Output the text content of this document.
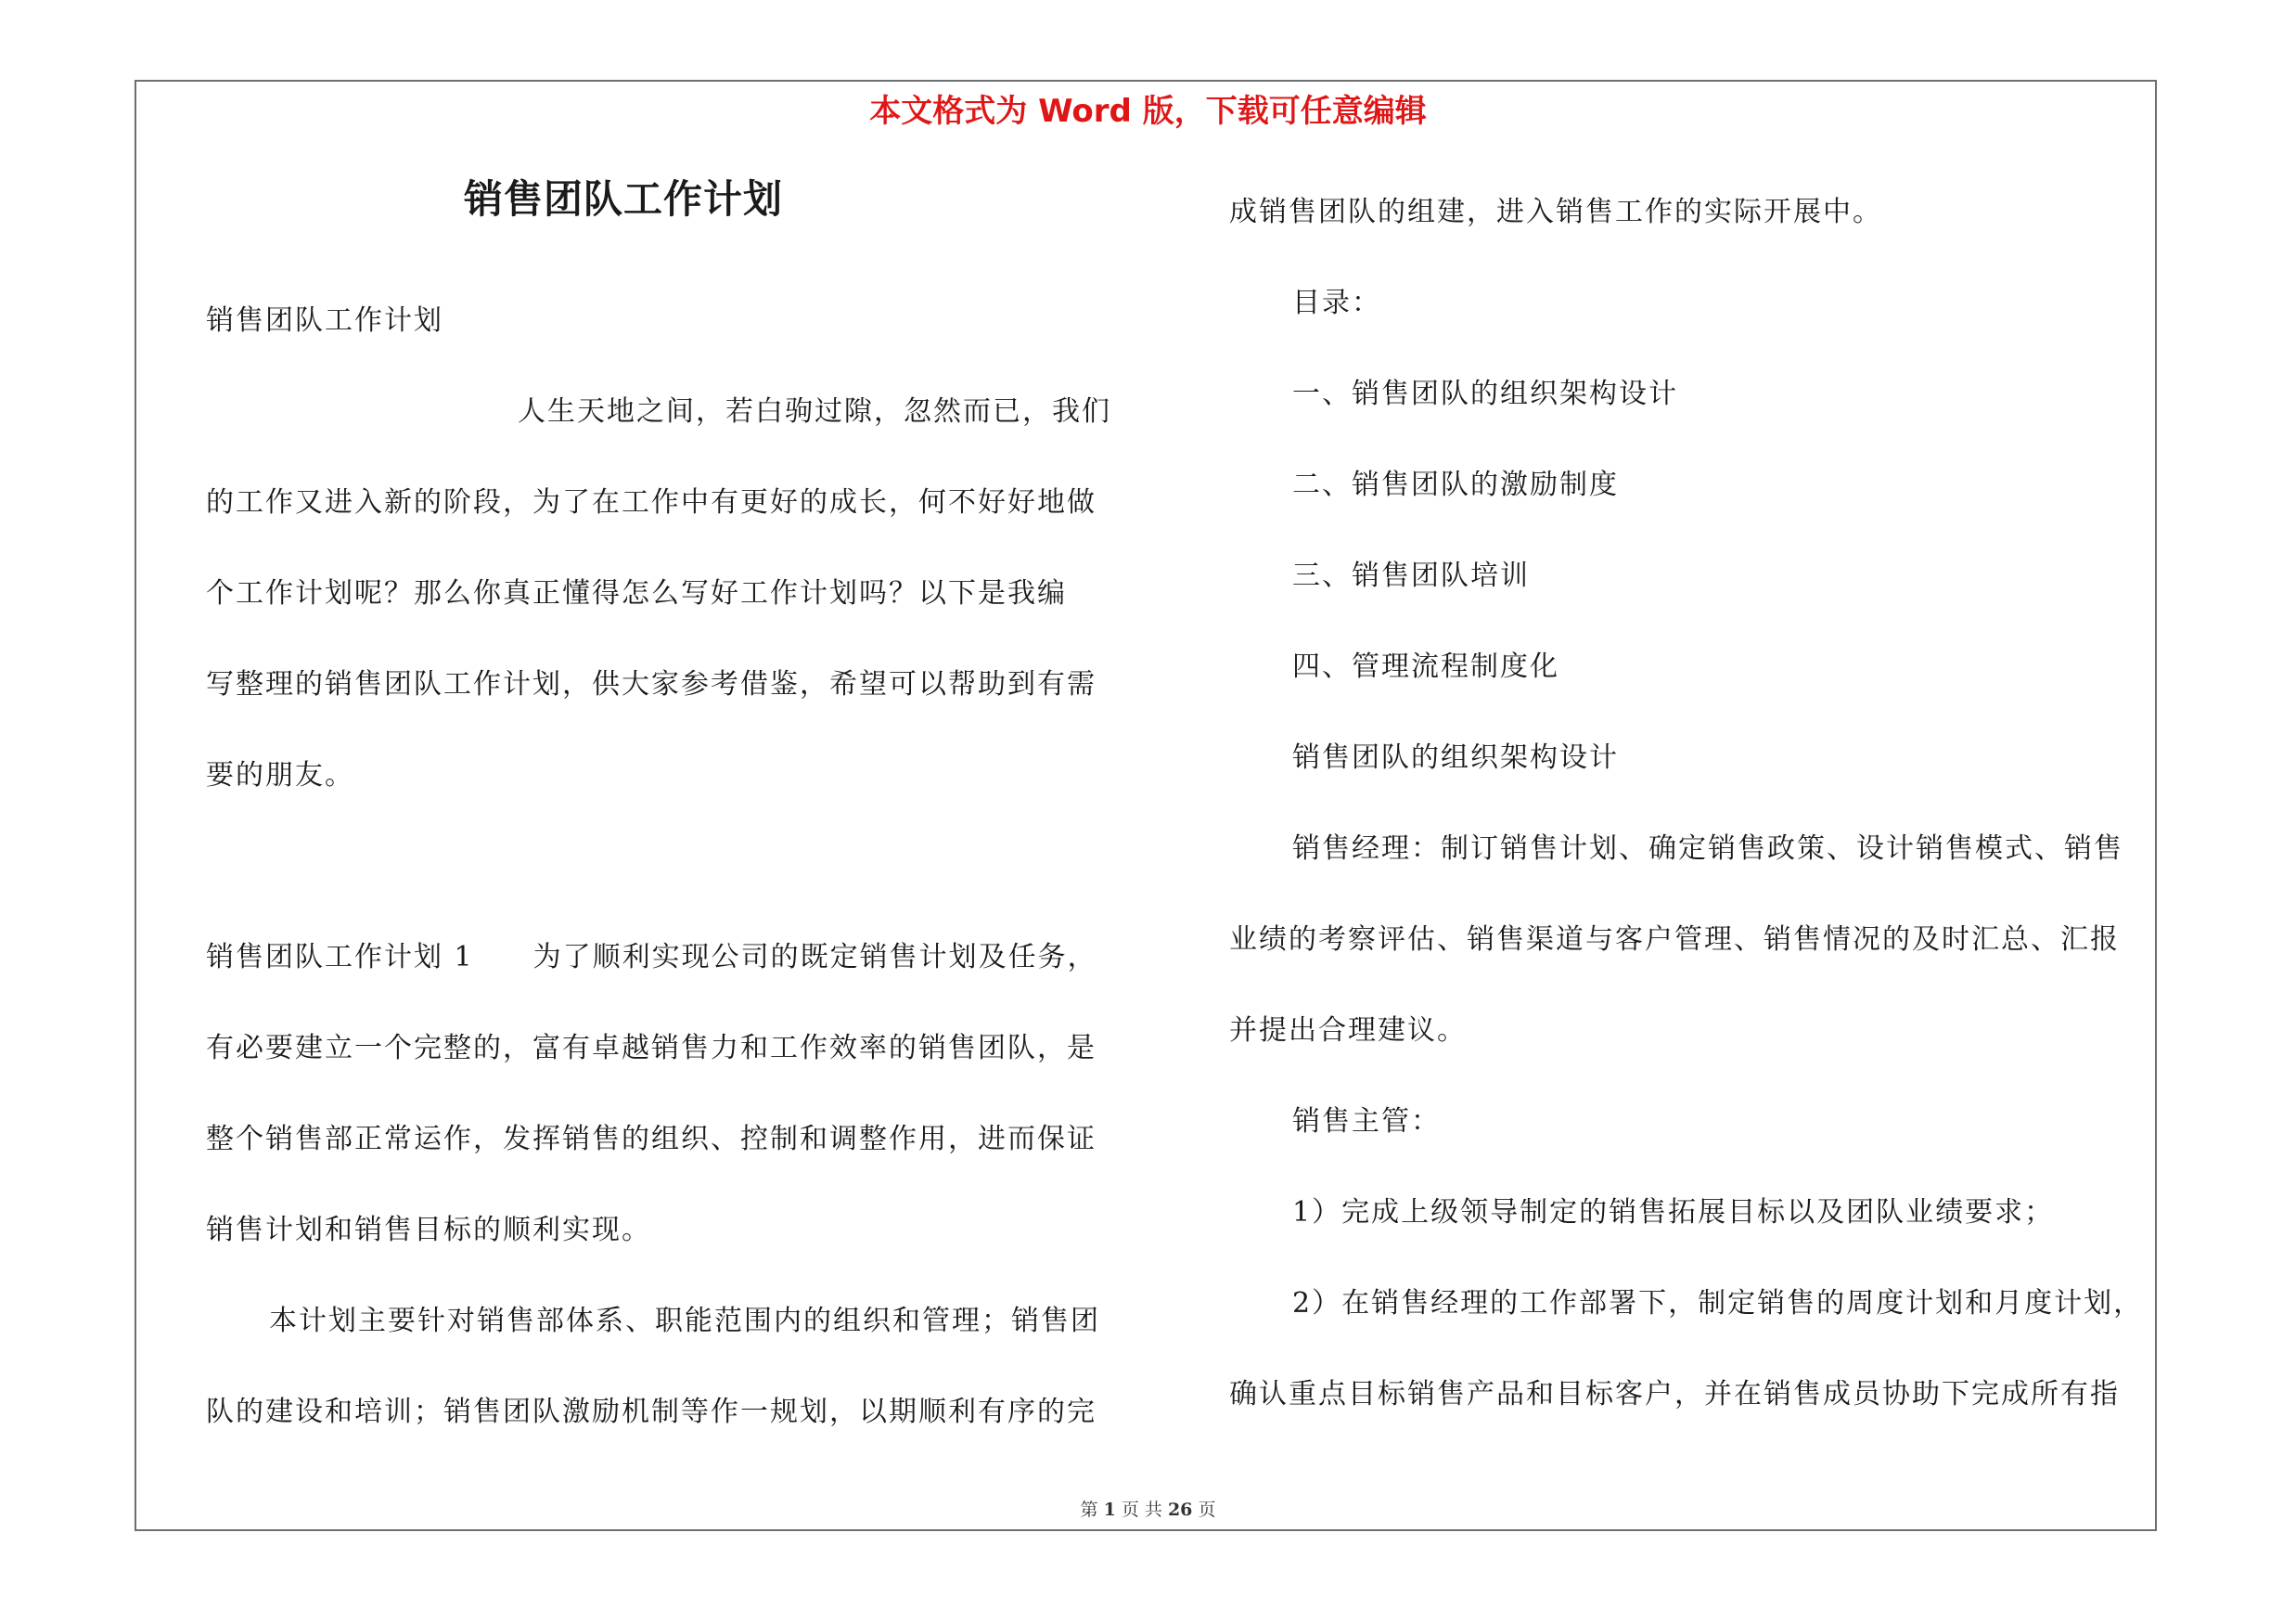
本文格式为 Word 版，下载可任意编辑
销售团队工作计划

销售团队工作计划

人生天地之间，若白驹过隙，忽然而已，我们

的工作又进入新的阶段，为了在工作中有更好的成长，何不好好地做

个工作计划呢？那么你真正懂得怎么写好工作计划吗？以下是我编

写整理的销售团队工作计划，供大家参考借鉴，希望可以帮助到有需

要的朋友。

销售团队工作计划 1　　为了顺利实现公司的既定销售计划及任务，

有必要建立一个完整的，富有卓越销售力和工作效率的销售团队，是

整个销售部正常运作，发挥销售的组织、控制和调整作用，进而保证

销售计划和销售目标的顺利实现。

本计划主要针对销售部体系、职能范围内的组织和管理；销售团

队的建设和培训；销售团队激励机制等作一规划，以期顺利有序的完

成销售团队的组建，进入销售工作的实际开展中。

目录：

一、销售团队的组织架构设计

二、销售团队的激励制度

三、销售团队培训

四、管理流程制度化

销售团队的组织架构设计

销售经理：制订销售计划、确定销售政策、设计销售模式、销售

业绩的考察评估、销售渠道与客户管理、销售情况的及时汇总、汇报

并提出合理建议。

销售主管：

1）完成上级领导制定的销售拓展目标以及团队业绩要求；

2）在销售经理的工作部署下，制定销售的周度计划和月度计划，

确认重点目标销售产品和目标客户，并在销售成员协助下完成所有指

第 1 页 共 26 页
